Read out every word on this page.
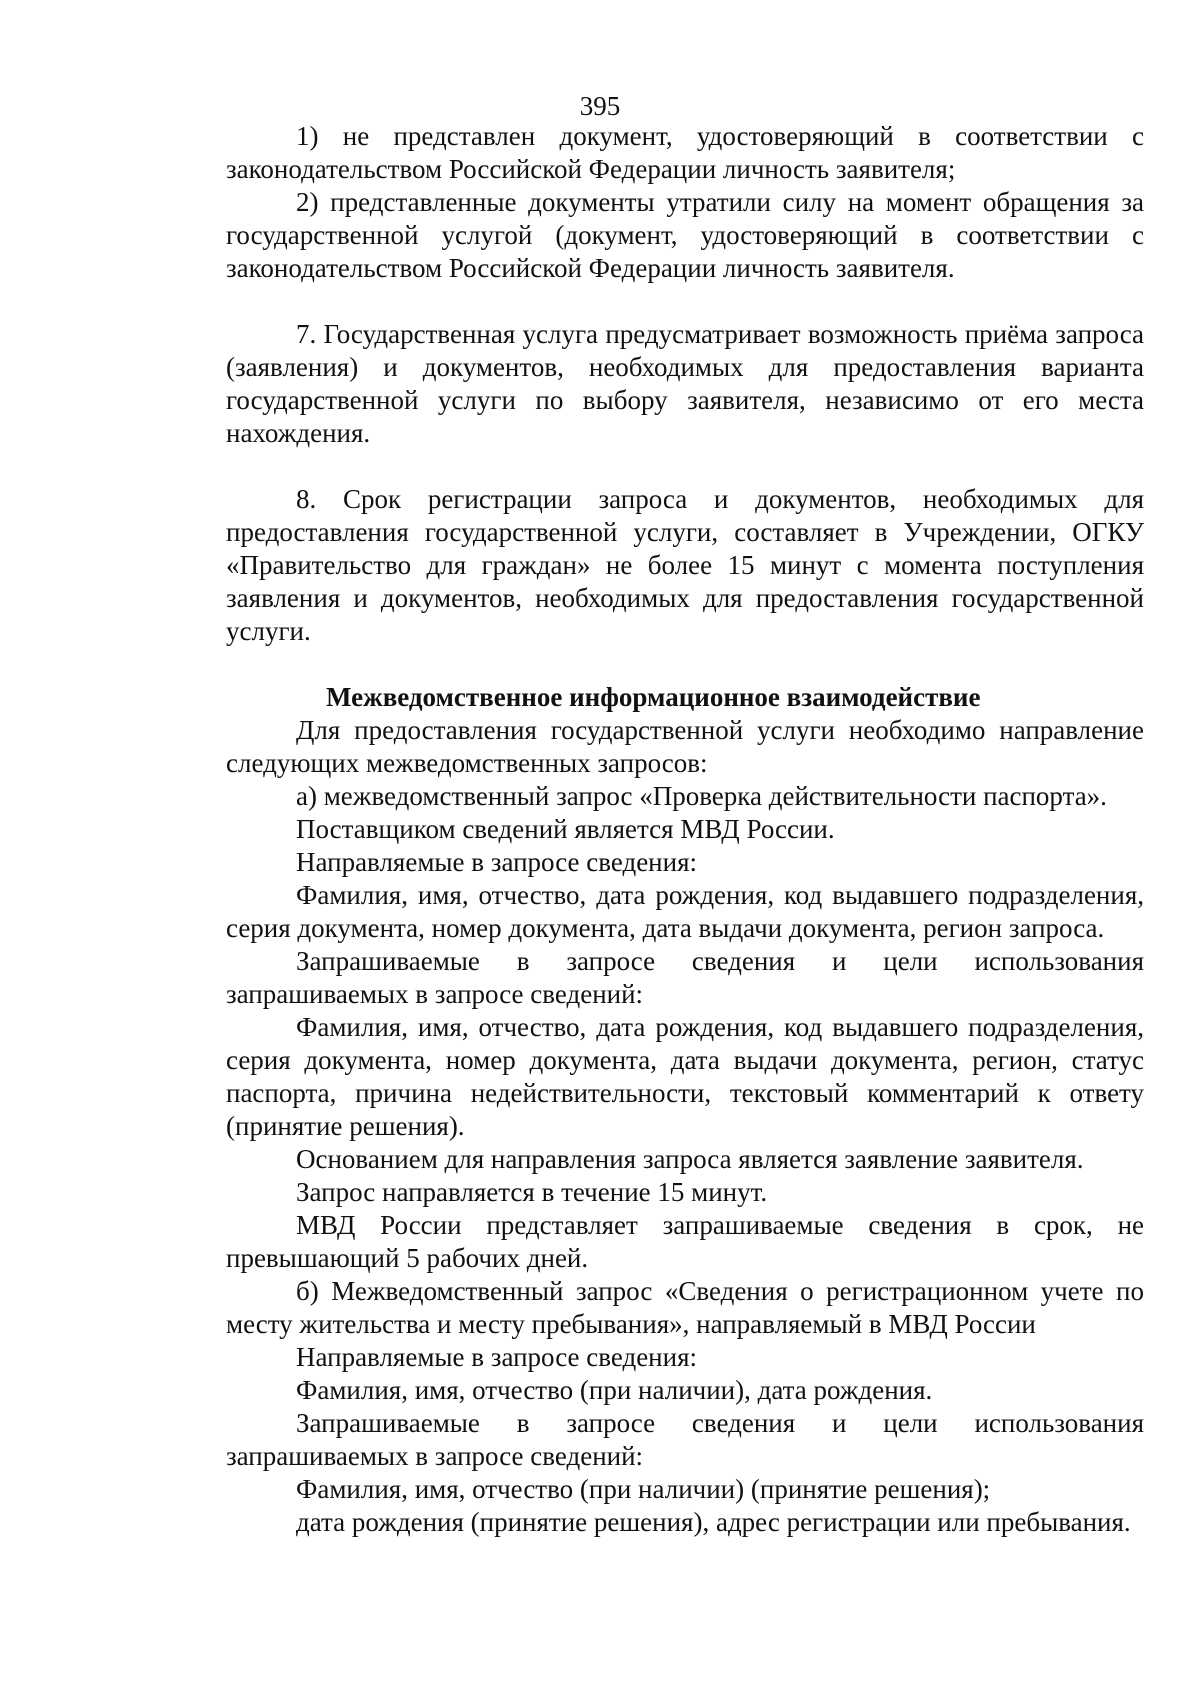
395

1) не представлен документ, удостоверяющий в соответствии с законодательством Российской Федерации личность заявителя;

2) представленные документы утратили силу на момент обращения за государственной услугой (документ, удостоверяющий в соответствии с законодательством Российской Федерации личность заявителя.

7. Государственная услуга предусматривает возможность приёма запроса (заявления) и документов, необходимых для предоставления варианта государственной услуги по выбору заявителя, независимо от его места нахождения.

8. Срок регистрации запроса и документов, необходимых для предоставления государственной услуги, составляет в Учреждении, ОГКУ «Правительство для граждан» не более 15 минут с момента поступления заявления и документов, необходимых для предоставления государственной услуги.

Межведомственное информационное взаимодействие

Для предоставления государственной услуги необходимо направление следующих межведомственных запросов:

а) межведомственный запрос «Проверка действительности паспорта».

Поставщиком сведений является МВД России.

Направляемые в запросе сведения:

Фамилия, имя, отчество, дата рождения, код выдавшего подразделения, серия документа, номер документа, дата выдачи документа, регион запроса.

Запрашиваемые в запросе сведения и цели использования запрашиваемых в запросе сведений:

Фамилия, имя, отчество, дата рождения, код выдавшего подразделения, серия документа, номер документа, дата выдачи документа, регион, статус паспорта, причина недействительности, текстовый комментарий к ответу (принятие решения).

Основанием для направления запроса является заявление заявителя.

Запрос направляется в течение 15 минут.

МВД России представляет запрашиваемые сведения в срок, не превышающий 5 рабочих дней.

б) Межведомственный запрос «Сведения о регистрационном учете по месту жительства и месту пребывания», направляемый в МВД России

Направляемые в запросе сведения:

Фамилия, имя, отчество (при наличии), дата рождения.

Запрашиваемые в запросе сведения и цели использования запрашиваемых в запросе сведений:

Фамилия, имя, отчество (при наличии) (принятие решения);

дата рождения (принятие решения), адрес регистрации или пребывания.
